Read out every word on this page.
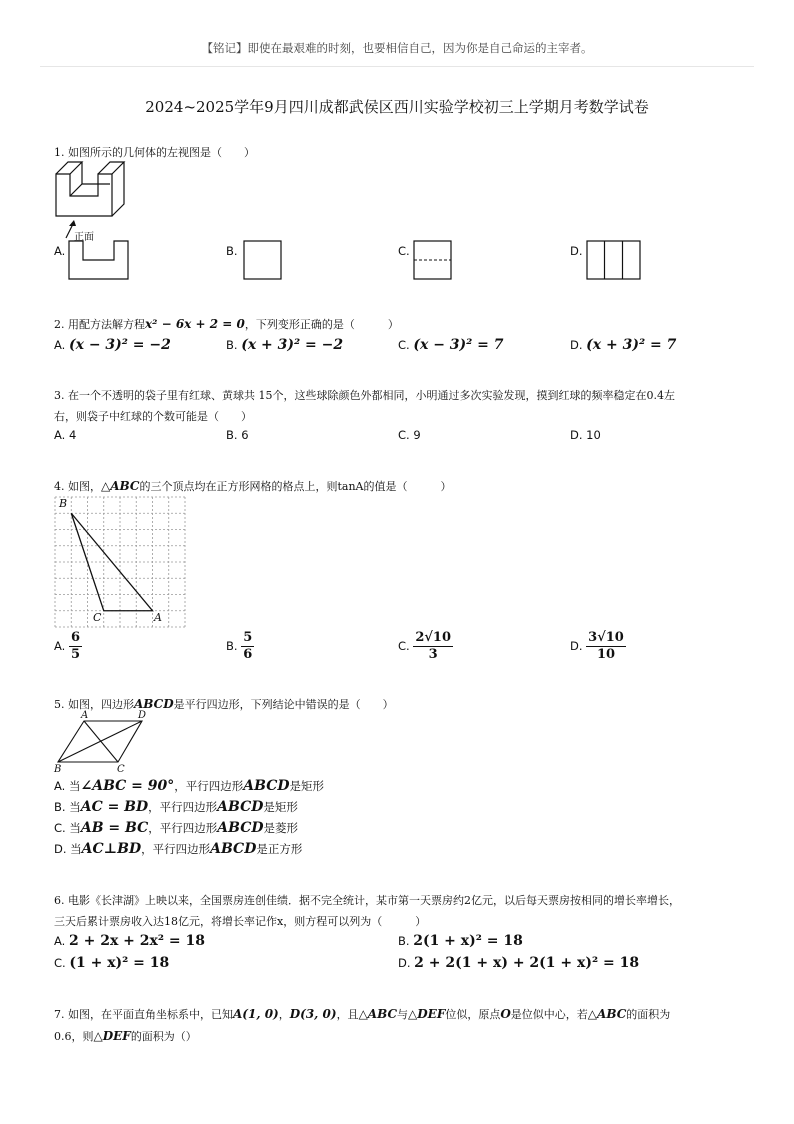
【铭记】即使在最艰难的时刻，也要相信自己，因为你是自己命运的主宰者。
2024~2025学年9月四川成都武侯区西川实验学校初三上学期月考数学试卷
1. 如图所示的几何体的左视图是（　　）
正面
A.	B.	C.	D.
2. 用配方法解方程x² − 6x + 2 = 0，下列变形正确的是（　　　）
A. (x − 3)² = −2	B. (x + 3)² = −2	C. (x − 3)² = 7	D. (x + 3)² = 7
3. 在一个不透明的袋子里有红球、黄球共 15个，这些球除颜色外都相同，小明通过多次实验发现，摸到红球的频率稳定在0.4左
右，则袋子中红球的个数可能是（　　）
A. 4	B. 6	C. 9	D. 10
4. 如图，△ABC的三个顶点均在正方形网格的格点上，则tanA的值是（　　　）
B
C	A
A. $\frac{6}{5}$	B. $\frac{5}{6}$	C. $\frac{2√10}{3}$	D. $\frac{3√10}{10}$
5. 如图，四边形ABCD是平行四边形，下列结论中错误的是（　　）
A	D
B	C
A. 当∠ABC = 90°，平行四边形ABCD是矩形
B. 当AC = BD，平行四边形ABCD是矩形
C. 当AB = BC，平行四边形ABCD是菱形
D. 当AC⊥BD，平行四边形ABCD是正方形
6. 电影《长津湖》上映以来，全国票房连创佳绩．据不完全统计，某市第一天票房约2亿元，以后每天票房按相同的增长率增长，
三天后累计票房收入达18亿元，将增长率记作x，则方程可以列为（　　　）
A. 2 + 2x + 2x² = 18	B. 2(1 + x)² = 18
C. (1 + x)² = 18	D. 2 + 2(1 + x) + 2(1 + x)² = 18
7. 如图，在平面直角坐标系中，已知A(1, 0)，D(3, 0)，且△ABC与△DEF位似，原点O是位似中心，若△ABC的面积为
0.6，则△DEF的面积为（）
